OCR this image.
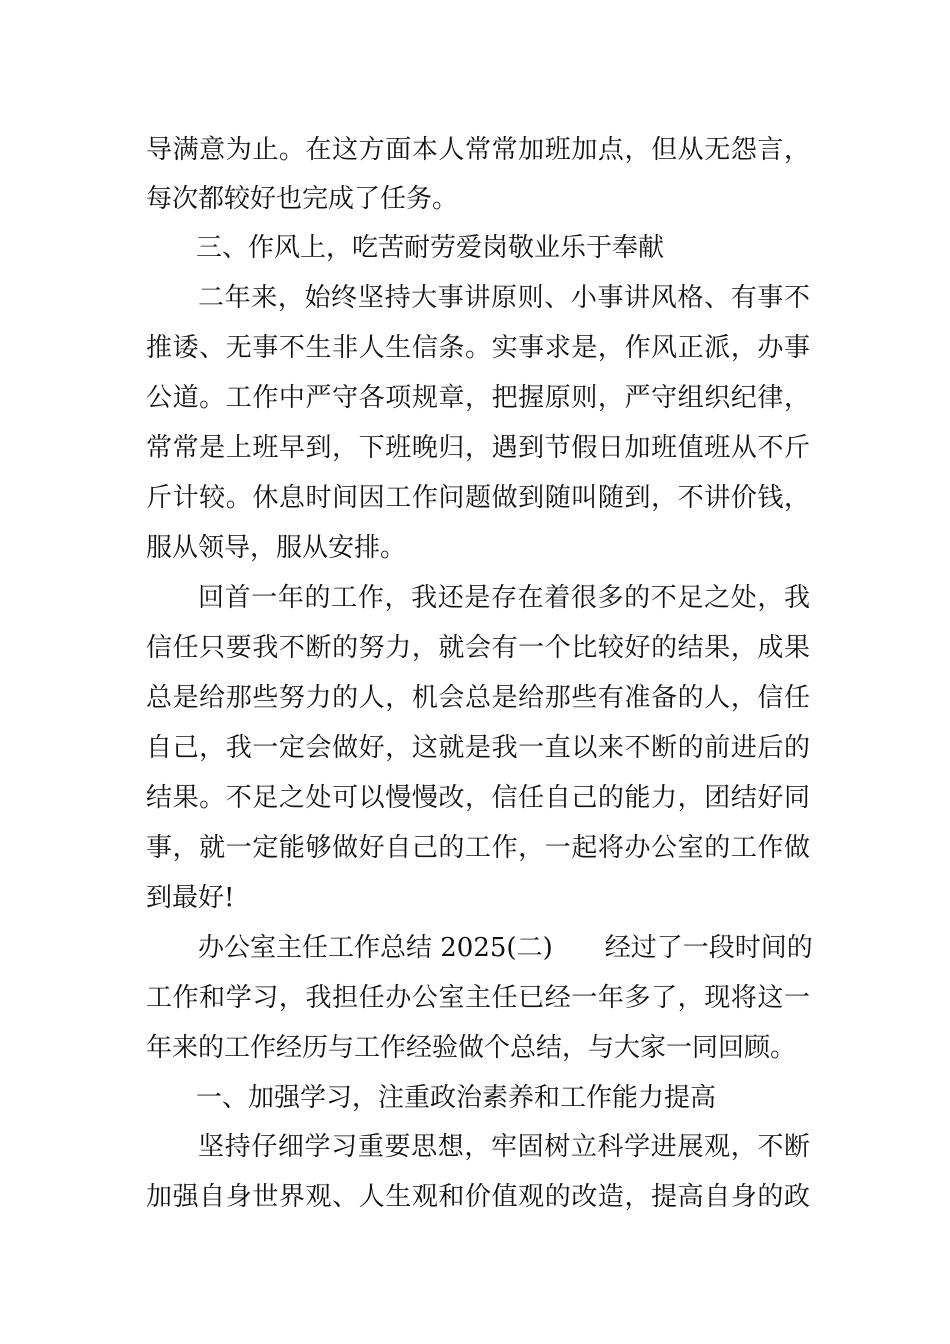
导满意为止。在这方面本人常常加班加点，但从无怨言，
每次都较好也完成了任务。
三、作风上，吃苦耐劳爱岗敬业乐于奉献
二年来，始终坚持大事讲原则、小事讲风格、有事不
推诿、无事不生非人生信条。实事求是，作风正派，办事
公道。工作中严守各项规章，把握原则，严守组织纪律，
常常是上班早到，下班晚归，遇到节假日加班值班从不斤
斤计较。休息时间因工作问题做到随叫随到，不讲价钱，
服从领导，服从安排。
回首一年的工作，我还是存在着很多的不足之处，我
信任只要我不断的努力，就会有一个比较好的结果，成果
总是给那些努力的人，机会总是给那些有准备的人，信任
自己，我一定会做好，这就是我一直以来不断的前进后的
结果。不足之处可以慢慢改，信任自己的能力，团结好同
事，就一定能够做好自己的工作，一起将办公室的工作做
到最好!
办公室主任工作总结 2025(二)　　经过了一段时间的
工作和学习，我担任办公室主任已经一年多了，现将这一
年来的工作经历与工作经验做个总结，与大家一同回顾。
一、加强学习，注重政治素养和工作能力提高
坚持仔细学习重要思想，牢固树立科学进展观，不断
加强自身世界观、人生观和价值观的改造，提高自身的政
